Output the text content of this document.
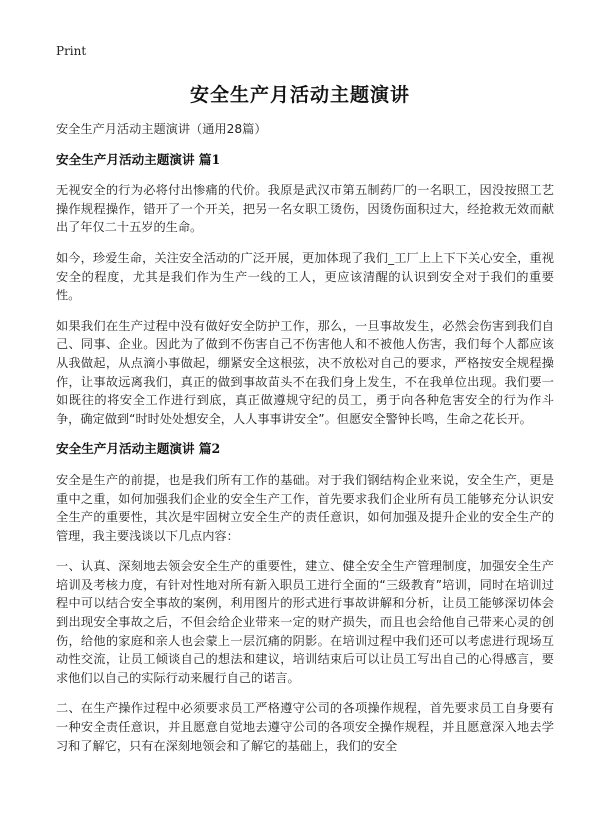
Print
安全生产月活动主题演讲

安全生产月活动主题演讲（通用28篇）

安全生产月活动主题演讲 篇1

无视安全的行为必将付出惨痛的代价。我原是武汉市第五制药厂的一名职工，因没按照工艺操作规程操作，错开了一个开关，把另一名女职工烫伤，因烫伤面积过大，经抢救无效而献出了年仅二十五岁的生命。

如今，珍爱生命，关注安全活动的广泛开展，更加体现了我们_工厂上上下下关心安全，重视安全的程度，尤其是我们作为生产一线的工人，更应该清醒的认识到安全对于我们的重要性。

如果我们在生产过程中没有做好安全防护工作，那么，一旦事故发生，必然会伤害到我们自己、同事、企业。因此为了做到不伤害自己不伤害他人和不被他人伤害，我们每个人都应该从我做起，从点滴小事做起，绷紧安全这根弦，决不放松对自己的要求，严格按安全规程操作，让事故远离我们，真正的做到事故苗头不在我们身上发生，不在我单位出现。我们要一如既往的将安全工作进行到底，真正做遵规守纪的员工，勇于向各种危害安全的行为作斗争，确定做到“时时处处想安全，人人事事讲安全”。但愿安全警钟长鸣，生命之花长开。

安全生产月活动主题演讲 篇2

安全是生产的前提，也是我们所有工作的基础。对于我们钢结构企业来说，安全生产，更是重中之重，如何加强我们企业的安全生产工作，首先要求我们企业所有员工能够充分认识安全生产的重要性，其次是牢固树立安全生产的责任意识，如何加强及提升企业的安全生产的管理，我主要浅谈以下几点内容：

一、认真、深刻地去领会安全生产的重要性，建立、健全安全生产管理制度，加强安全生产培训及考核力度，有针对性地对所有新入职员工进行全面的“三级教育”培训，同时在培训过程中可以结合安全事故的案例，利用图片的形式进行事故讲解和分析，让员工能够深切体会到出现安全事故之后，不但会给企业带来一定的财产损失，而且也会给他自己带来心灵的创伤，给他的家庭和亲人也会蒙上一层沉痛的阴影。在培训过程中我们还可以考虑进行现场互动性交流，让员工倾谈自己的想法和建议，培训结束后可以让员工写出自己的心得感言，要求他们以自己的实际行动来履行自己的诺言。

二、在生产操作过程中必须要求员工严格遵守公司的各项操作规程，首先要求员工自身要有一种安全责任意识，并且愿意自觉地去遵守公司的各项安全操作规程，并且愿意深入地去学习和了解它，只有在深刻地领会和了解它的基础上，我们的安全
